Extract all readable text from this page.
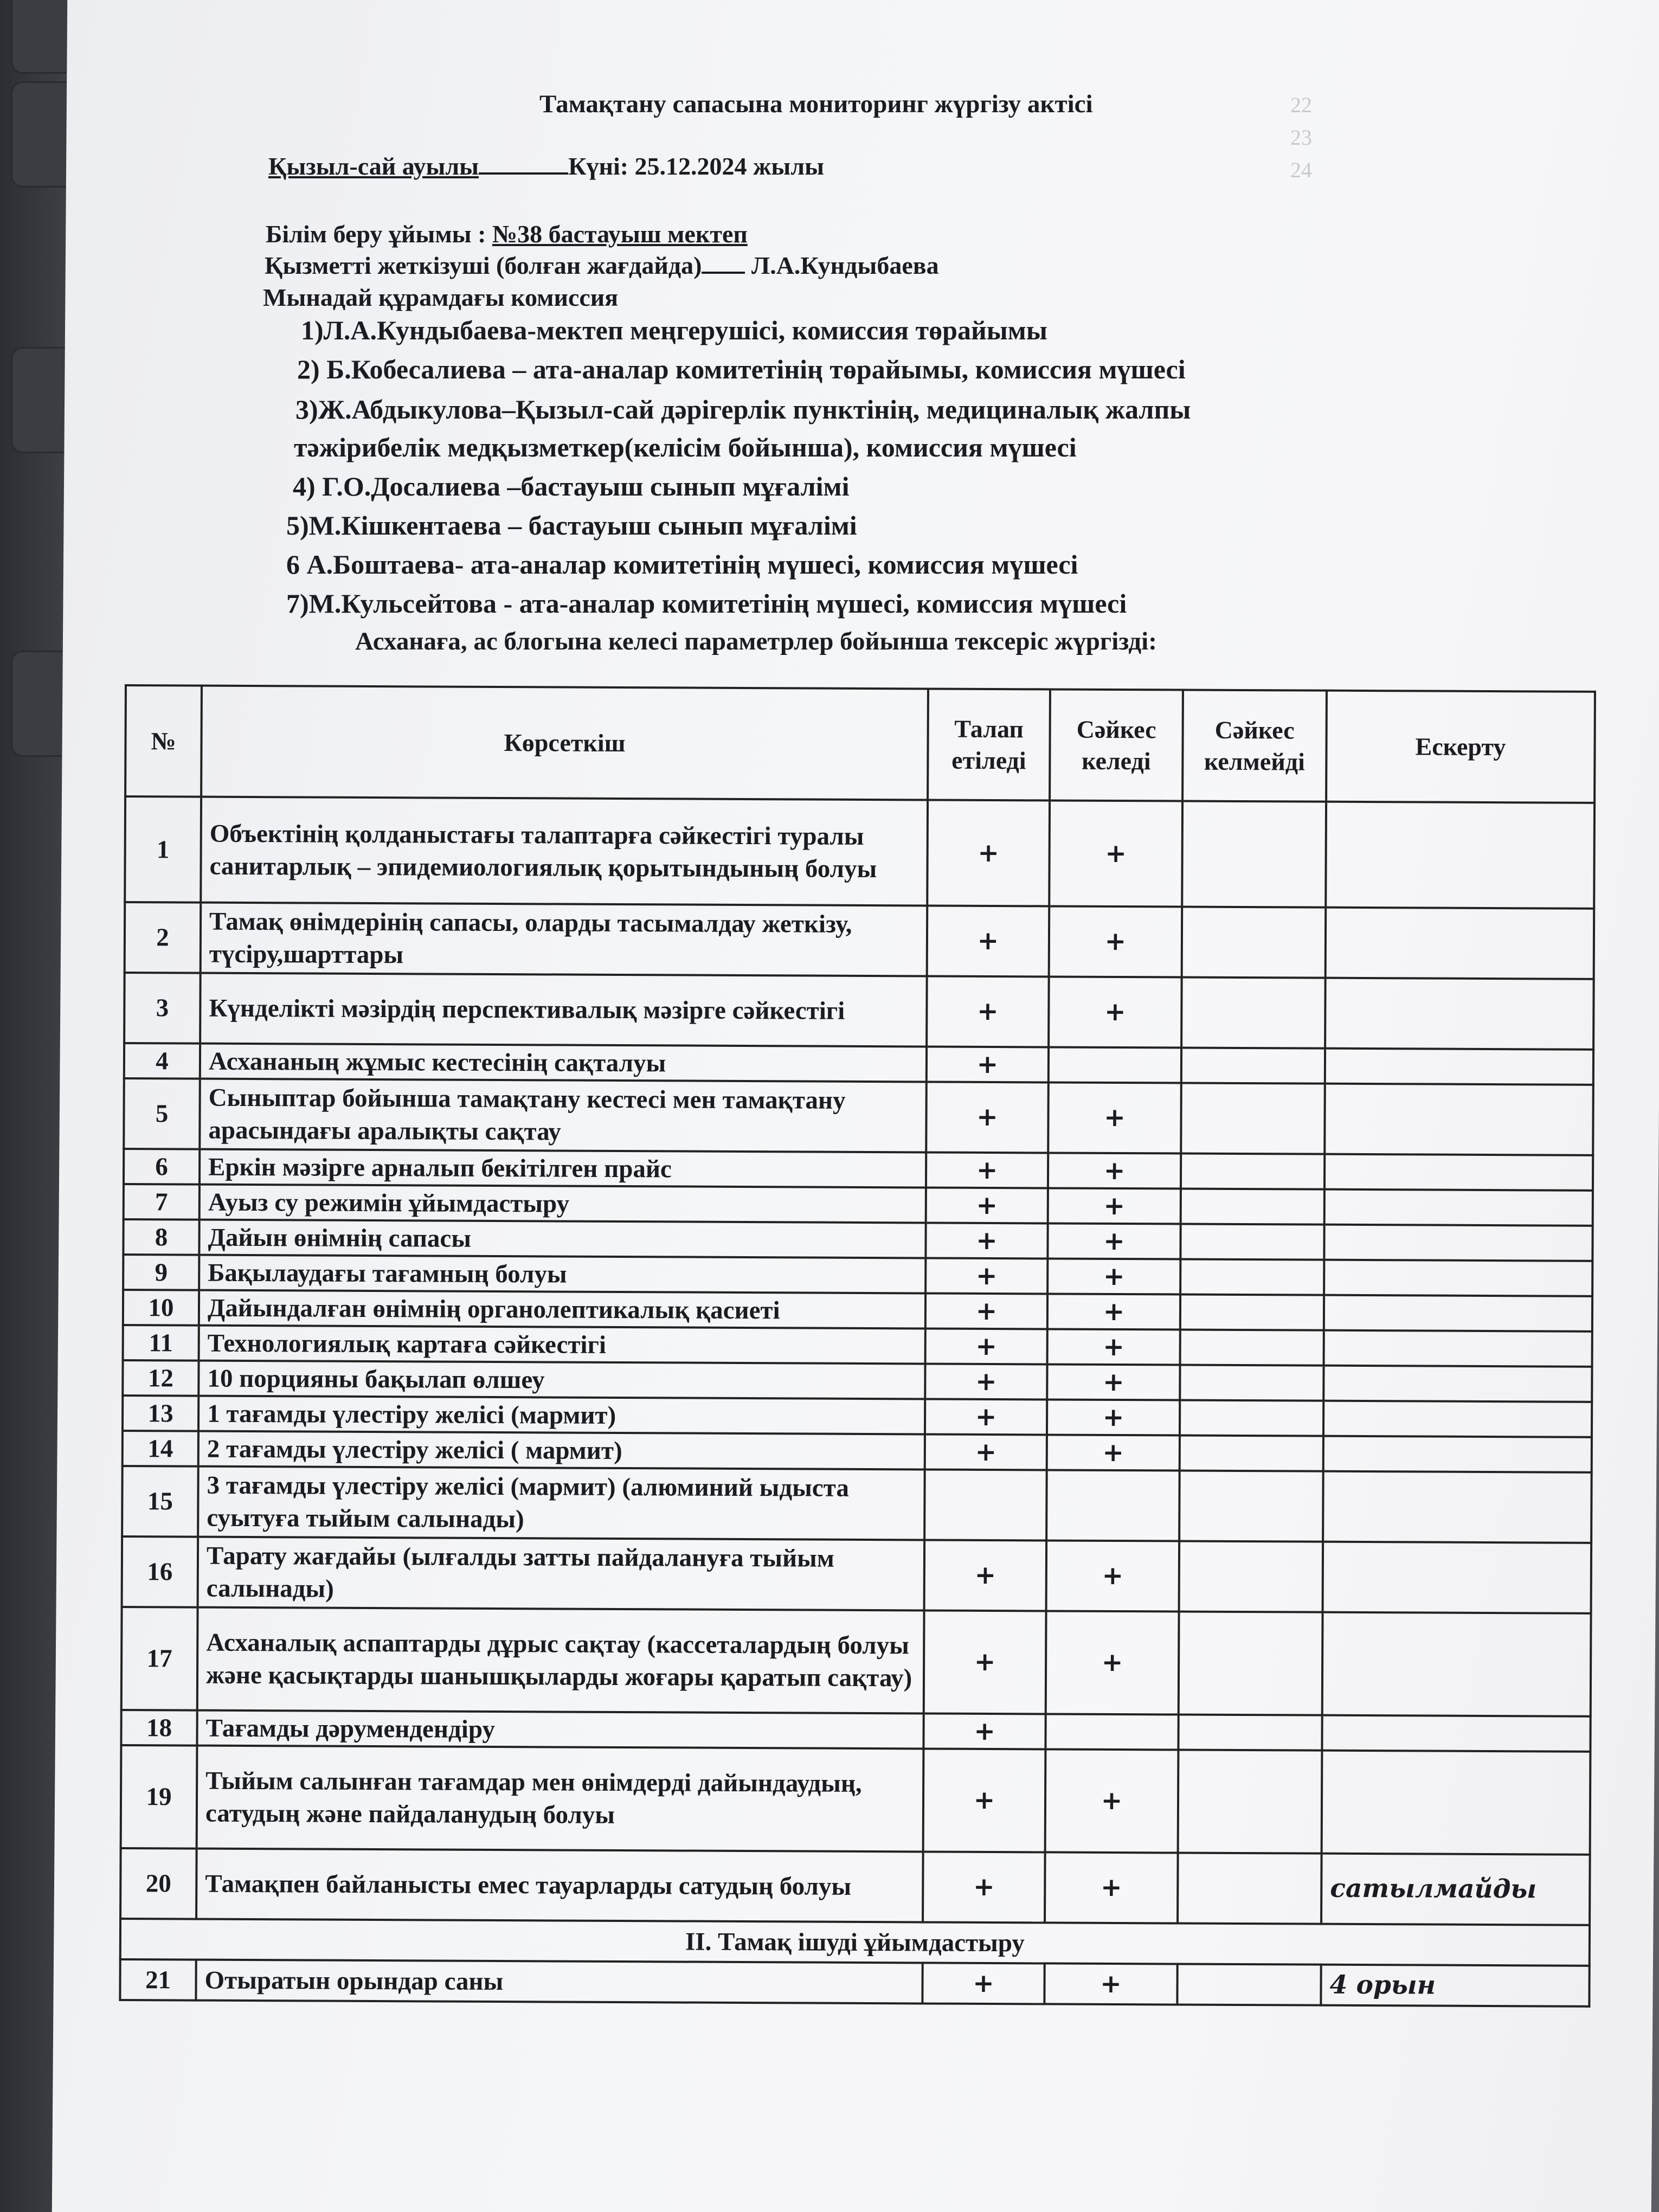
22
23
24
Тамақтану сапасына мониторинг жүргізу актісі
Қызыл-сай ауылы	Күні: 25.12.2024 жылы
Білім беру ұйымы : №38 бастауыш мектеп
Қызметті жеткізуші (болған жағдайда) Л.А.Кундыбаева
Мынадай құрамдағы комиссия
1)Л.А.Кундыбаева-мектеп меңгерушісі, комиссия төрайымы
2) Б.Кобесалиева – ата-аналар комитетінің төрайымы, комиссия мүшесі
3)Ж.Абдыкулова–Қызыл-сай дәрігерлік пунктінің, медициналық жалпы
тәжірибелік медқызметкер(келісім бойынша), комиссия мүшесі
4) Г.О.Досалиева –бастауыш сынып мұғалімі
5)М.Кішкентаева – бастауыш сынып мұғалімі
6 А.Боштаева- ата-аналар комитетінің мүшесі, комиссия мүшесі
7)М.Кульсейтова - ата-аналар комитетінің мүшесі, комиссия мүшесі
Асханаға, ас блогына келесі параметрлер бойынша тексеріс жүргізді:
№	Көрсеткіш	Талап етіледі	Сәйкес келеді	Сәйкес келмейді	Ескерту
1	Объектінің қолданыстағы талаптарға сәйкестігі туралы санитарлық – эпидемиологиялық қорытындының болуы	+	+		
2	Тамақ өнімдерінің сапасы, оларды тасымалдау жеткізу, түсіру,шарттары	+	+		
3	Күнделікті мәзірдің перспективалық мәзірге сәйкестігі	+	+		
4	Асхананың жұмыс кестесінің сақталуы	+			
5	Сыныптар бойынша тамақтану кестесі мен тамақтану арасындағы аралықты сақтау	+	+		
6	Еркін мәзірге арналып бекітілген прайс	+	+		
7	Ауыз су режимін ұйымдастыру	+	+		
8	Дайын өнімнің сапасы	+	+		
9	Бақылаудағы тағамның болуы	+	+		
10	Дайындалған өнімнің органолептикалық қасиеті	+	+		
11	Технологиялық картаға сәйкестігі	+	+		
12	10 порцияны бақылап өлшеу	+	+		
13	1 тағамды үлестіру желісі (мармит)	+	+		
14	2 тағамды үлестіру желісі ( мармит)	+	+		
15	3 тағамды үлестіру желісі (мармит) (алюминий ыдыста суытуға тыйым салынады)				
16	Тарату жағдайы (ылғалды затты пайдалануға тыйым салынады)	+	+		
17	Асханалық аспаптарды дұрыс сақтау (кассеталардың болуы және қасықтарды шанышқыларды жоғары қаратып сақтау)	+	+		
18	Тағамды дәрумендендіру	+			
19	Тыйым салынған тағамдар мен өнімдерді дайындаудың, сатудың және пайдаланудың болуы	+	+		
20	Тамақпен байланысты емес тауарларды сатудың болуы	+	+		сатылмайды
II. Тамақ ішуді ұйымдастыру					
21	Отыратын орындар саны	+	+		4 орын
